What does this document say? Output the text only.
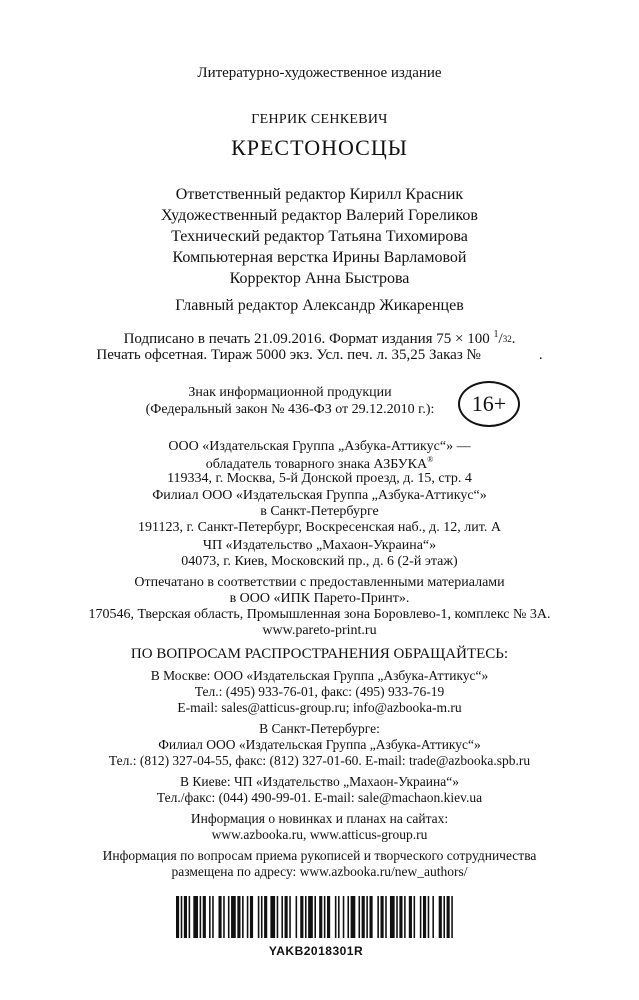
Литературно-художественное издание
ГЕНРИК СЕНКЕВИЧ
КРЕСТОНОСЦЫ
Ответственный редактор Кирилл Красник
Художественный редактор Валерий Гореликов
Технический редактор Татьяна Тихомирова
Компьютерная верстка Ирины Варламовой
Корректор Анна Быстрова
Главный редактор Александр Жикаренцев
Подписано в печать 21.09.2016. Формат издания 75 × 100 $^1$/32.
Печать офсетная. Тираж 5000 экз. Усл. печ. л. 35,25 Заказ №	.
Знак информационной продукции
(Федеральный закон № 436-ФЗ от 29.12.2010 г.):	16+
ООО «Издательская Группа „Азбука-Аттикус“» —
обладатель товарного знака АЗБУКА®
119334, г. Москва, 5-й Донской проезд, д. 15, стр. 4
Филиал ООО «Издательская Группа „Азбука-Аттикус“»
в Санкт-Петербурге
191123, г. Санкт-Петербург, Воскресенская наб., д. 12, лит. А
ЧП «Издательство „Махаон-Украина“»
04073, г. Киев, Московский пр., д. 6 (2-й этаж)
Отпечатано в соответствии с предоставленными материалами
в ООО «ИПК Парето-Принт».
170546, Тверская область, Промышленная зона Боровлево-1, комплекс № 3А.
www.pareto-print.ru
ПО ВОПРОСАМ РАСПРОСТРАНЕНИЯ ОБРАЩАЙТЕСЬ:
В Москве: ООО «Издательская Группа „Азбука-Аттикус“»
Тел.: (495) 933-76-01, факс: (495) 933-76-19
E-mail: sales@atticus-group.ru; info@azbooka-m.ru
В Санкт-Петербурге:
Филиал ООО «Издательская Группа „Азбука-Аттикус“»
Тел.: (812) 327-04-55, факс: (812) 327-01-60. E-mail: trade@azbooka.spb.ru
В Киеве: ЧП «Издательство „Махаон-Украина“»
Тел./факс: (044) 490-99-01. E-mail: sale@machaon.kiev.ua
Информация о новинках и планах на сайтах:
www.azbooka.ru, www.atticus-group.ru
Информация по вопросам приема рукописей и творческого сотрудничества
размещена по адресу: www.azbooka.ru/new_authors/
YAKB2018301R
